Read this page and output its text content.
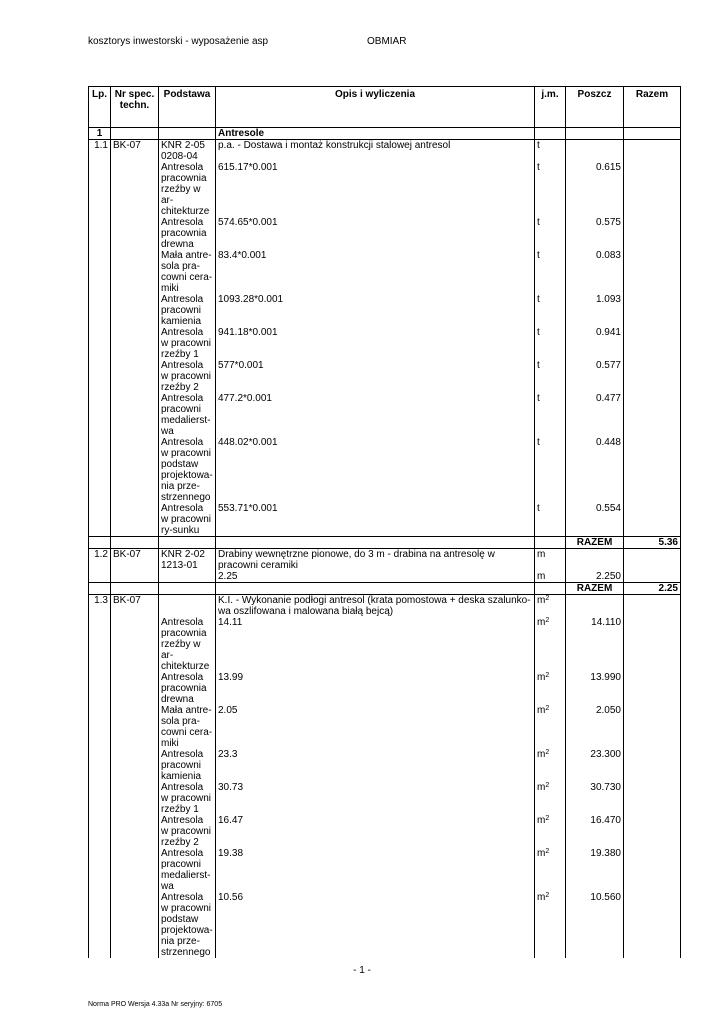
kosztorys inwestorski - wyposażenie asp	OBMIAR
Lp.	Nr spec. techn.	Podstawa	Opis i wyliczenia	j.m.	Poszcz	Razem
1			Antresole			
1.1	BK-07	KNR 2-05 0208-04	p.a. - Dostawa i montaż konstrukcji stalowej antresol	t		
		Antresola pracownia rzeźby w ar-chitekturze	615.17*0.001	t	0.615	
		Antresola pracownia drewna	574.65*0.001	t	0.575	
		Mała antre-sola pra-cowni cera-miki	83.4*0.001	t	0.083	
		Antresola pracowni kamienia	1093.28*0.001	t	1.093	
		Antresola w pracowni rzeźby 1	941.18*0.001	t	0.941	
		Antresola w pracowni rzeźby 2	577*0.001	t	0.577	
		Antresola pracowni medalierst-wa	477.2*0.001	t	0.477	
		Antresola w pracowni podstaw projektowa-nia prze-strzennego	448.02*0.001	t	0.448	
		Antresola w pracowni ry-sunku	553.71*0.001	t	0.554	
					RAZEM	5.36
1.2	BK-07	KNR 2-02 1213-01	Drabiny wewnętrzne pionowe, do 3 m - drabina na antresolę w pracowni ceramiki	m		
			2.25	m	2.250	
					RAZEM	2.25
1.3	BK-07		K.I. - Wykonanie podłogi antresol (krata pomostowa + deska szalunko-wa oszlifowana i malowana białą bejcą)	$m^2$		
		Antresola pracownia rzeźby w ar-chitekturze	14.11	$m^2$	14.110	
		Antresola pracownia drewna	13.99	$m^2$	13.990	
		Mała antre-sola pra-cowni cera-miki	2.05	$m^2$	2.050	
		Antresola pracowni kamienia	23.3	$m^2$	23.300	
		Antresola w pracowni rzeźby 1	30.73	$m^2$	30.730	
		Antresola w pracowni rzeźby 2	16.47	$m^2$	16.470	
		Antresola pracowni medalierst-wa	19.38	$m^2$	19.380	
		Antresola w pracowni podstaw projektowa-nia prze-strzennego	10.56	$m^2$	10.560	
- 1 -
Norma PRO Wersja 4.33a Nr seryjny: 6705
